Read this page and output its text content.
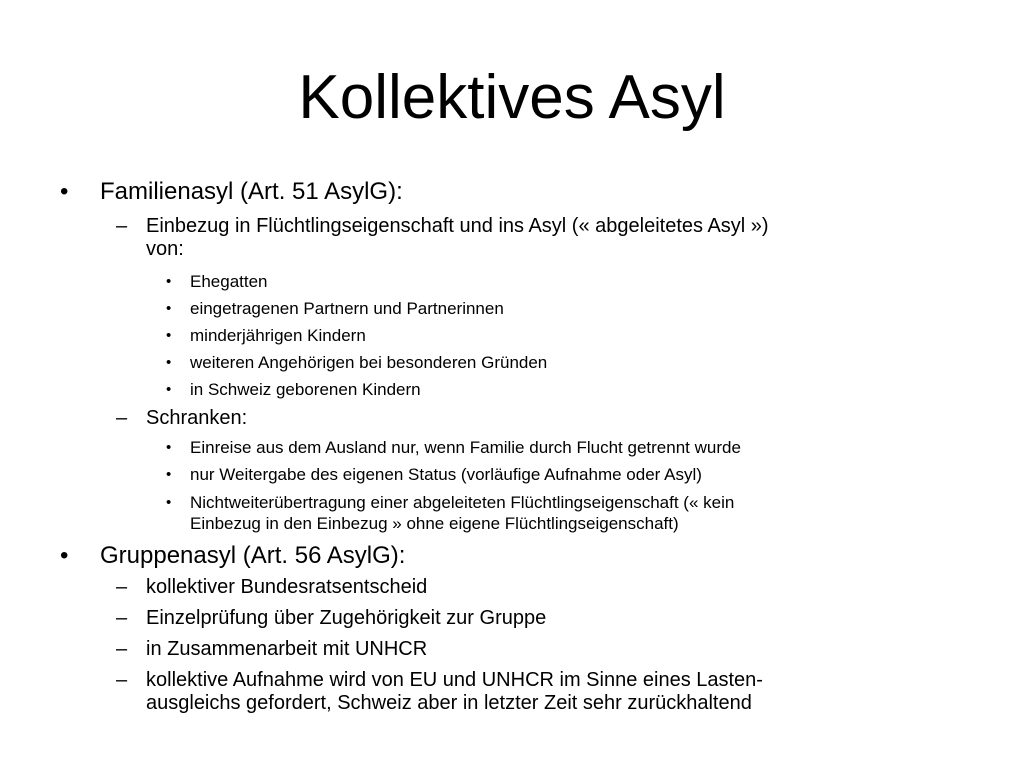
Kollektives Asyl
• Familienasyl (Art. 51 AsylG):
– Einbezug in Flüchtlingseigenschaft und ins Asyl (« abgeleitetes Asyl »)
von:
• Ehegatten
• eingetragenen Partnern und Partnerinnen
• minderjährigen Kindern
• weiteren Angehörigen bei besonderen Gründen
• in Schweiz geborenen Kindern
– Schranken:
• Einreise aus dem Ausland nur, wenn Familie durch Flucht getrennt wurde
• nur Weitergabe des eigenen Status (vorläufige Aufnahme oder Asyl)
• Nichtweiterübertragung einer abgeleiteten Flüchtlingseigenschaft (« kein
Einbezug in den Einbezug » ohne eigene Flüchtlingseigenschaft)
• Gruppenasyl (Art. 56 AsylG):
– kollektiver Bundesratsentscheid
– Einzelprüfung über Zugehörigkeit zur Gruppe
– in Zusammenarbeit mit UNHCR
– kollektive Aufnahme wird von EU und UNHCR im Sinne eines Lasten-
ausgleichs gefordert, Schweiz aber in letzter Zeit sehr zurückhaltend
